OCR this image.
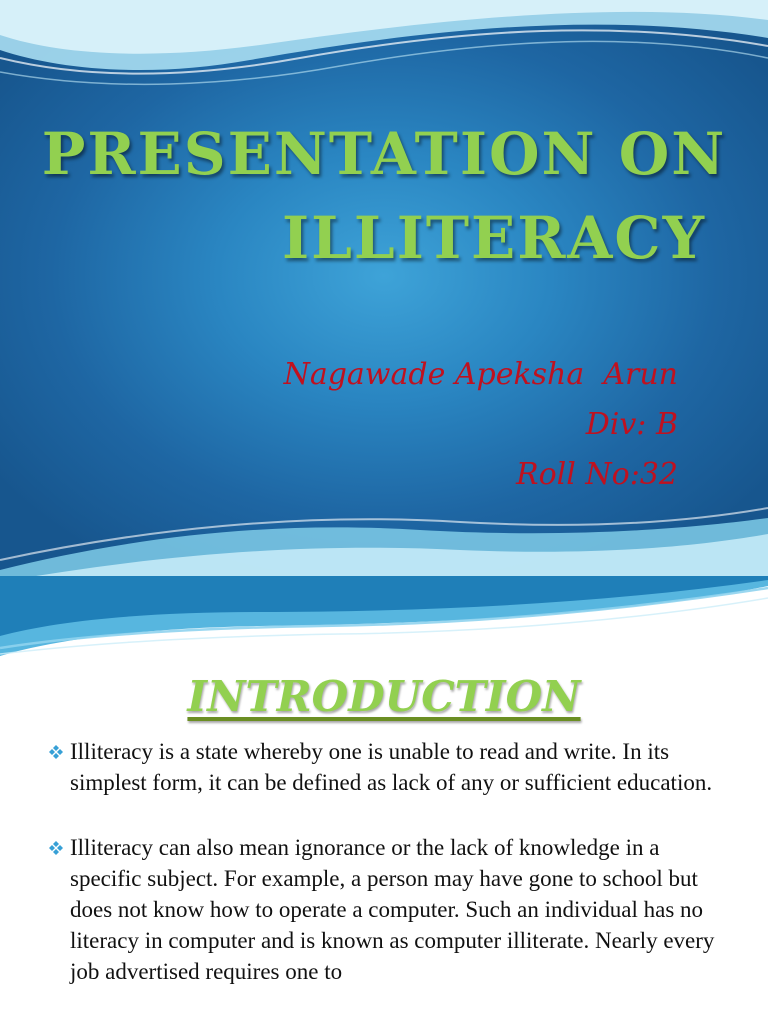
PRESENTATION ON
ILLITERACY
Nagawade Apeksha  Arun
Div: B
Roll No:32
INTRODUCTION
Illiteracy is a state whereby one is unable to read and write. In its simplest form, it can be defined as lack of any or sufficient education.
Illiteracy can also mean ignorance or the lack of knowledge in a specific subject. For example, a person may have gone to school but does not know how to operate a computer. Such an individual has no literacy in computer and is known as computer illiterate. Nearly every job advertised requires one to
